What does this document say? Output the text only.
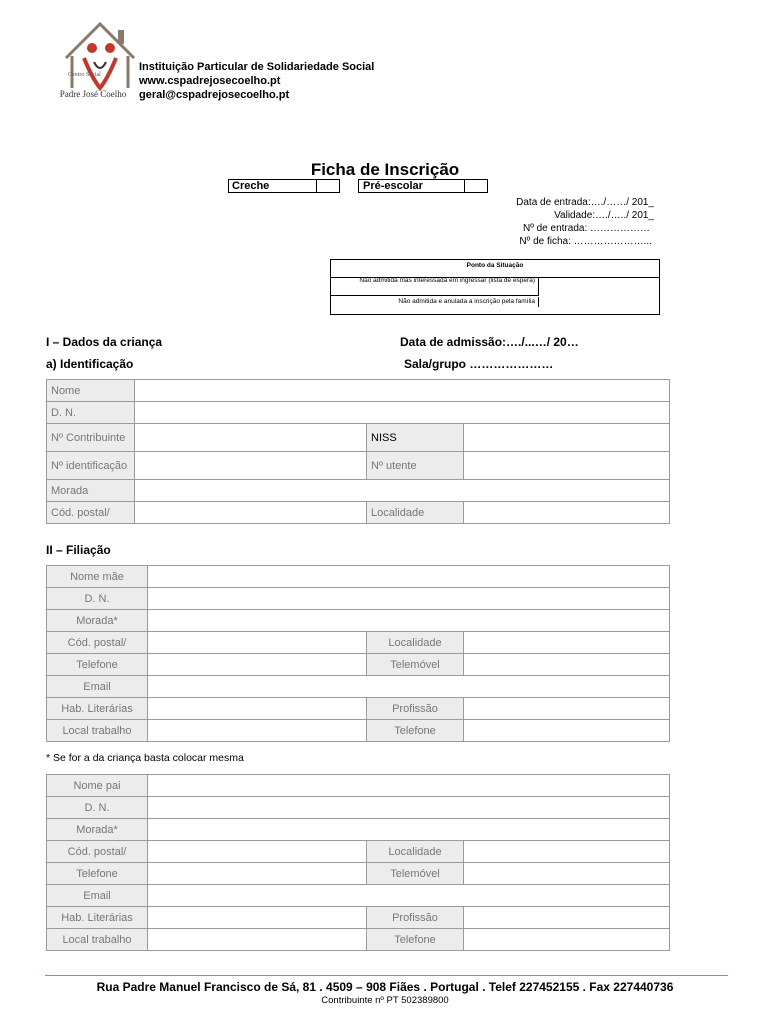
Centro Social
Padre José Coelho
Instituição Particular de Solidariedade Social
www.cspadrejosecoelho.pt
geral@cspadrejosecoelho.pt
Ficha de Inscrição
Creche	Pré-escolar
Data de entrada:…./……/ 201_
Validade:…./…../ 201_
Nº de entrada: ………………
Nº de ficha: …………………...
Ponto da Situação
Não admitida mas interessada em ingressar (lista de espera)
Não admitida e anulada a inscrição pela família
I – Dados da criança
a) Identificação
Data de admissão:…./...…/ 20…
Sala/grupo …………………
Nome			
D. N.			
Nº Contribuinte		NISS	
Nº identificação		Nº utente	
Morada			
Cód. postal/		Localidade	
II – Filiação
Nome mãe			
D. N.			
Morada*			
Cód. postal/		Localidade	
Telefone		Telemóvel	
Email			
Hab. Literárias		Profissão	
Local trabalho		Telefone	
* Se for a da criança basta colocar mesma
Nome pai			
D. N.			
Morada*			
Cód. postal/		Localidade	
Telefone		Telemóvel	
Email			
Hab. Literárias		Profissão	
Local trabalho		Telefone	
Rua Padre Manuel Francisco de Sá, 81 . 4509 – 908 Fiães . Portugal . Telef 227452155 . Fax 227440736
Contribuinte nº PT 502389800
